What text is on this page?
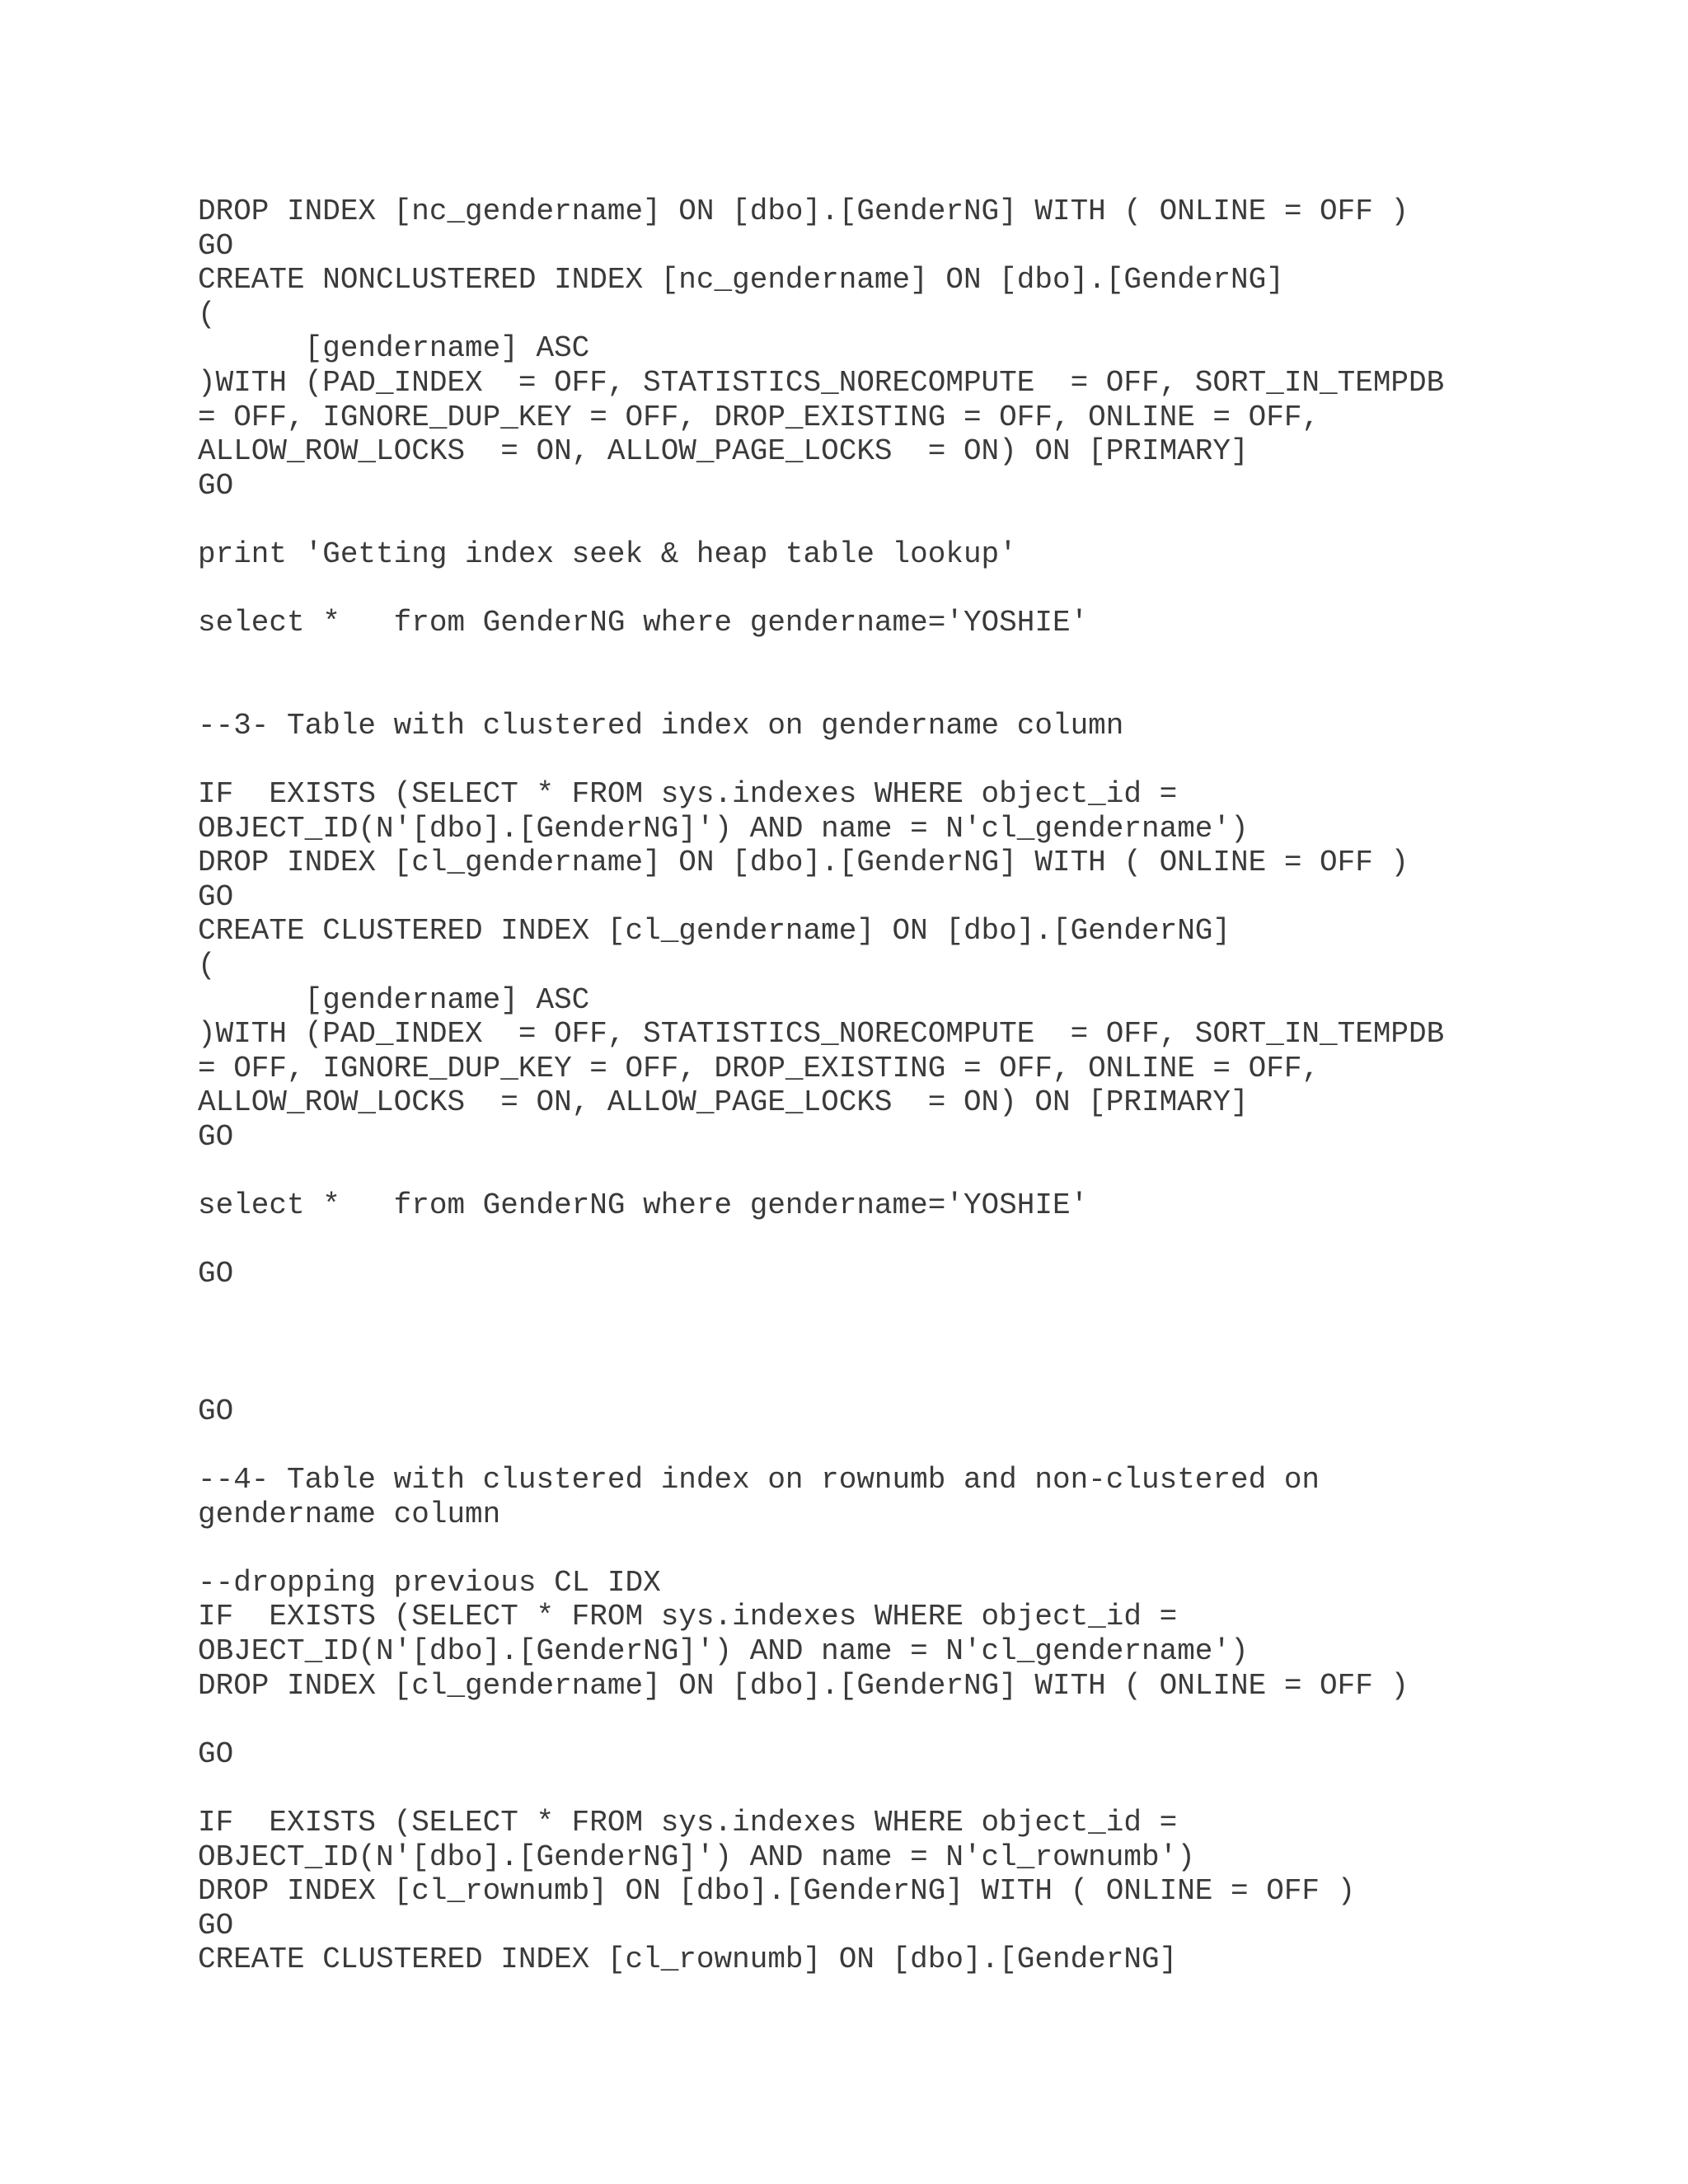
DROP INDEX [nc_gendername] ON [dbo].[GenderNG] WITH ( ONLINE = OFF )
GO
CREATE NONCLUSTERED INDEX [nc_gendername] ON [dbo].[GenderNG]
(
[gendername] ASC
)WITH (PAD_INDEX  = OFF, STATISTICS_NORECOMPUTE  = OFF, SORT_IN_TEMPDB
= OFF, IGNORE_DUP_KEY = OFF, DROP_EXISTING = OFF, ONLINE = OFF,
ALLOW_ROW_LOCKS  = ON, ALLOW_PAGE_LOCKS  = ON) ON [PRIMARY]
GO
print 'Getting index seek & heap table lookup'
select *   from GenderNG where gendername='YOSHIE'
--3- Table with clustered index on gendername column
IF  EXISTS (SELECT * FROM sys.indexes WHERE object_id =
OBJECT_ID(N'[dbo].[GenderNG]') AND name = N'cl_gendername')
DROP INDEX [cl_gendername] ON [dbo].[GenderNG] WITH ( ONLINE = OFF )
GO
CREATE CLUSTERED INDEX [cl_gendername] ON [dbo].[GenderNG]
(
[gendername] ASC
)WITH (PAD_INDEX  = OFF, STATISTICS_NORECOMPUTE  = OFF, SORT_IN_TEMPDB
= OFF, IGNORE_DUP_KEY = OFF, DROP_EXISTING = OFF, ONLINE = OFF,
ALLOW_ROW_LOCKS  = ON, ALLOW_PAGE_LOCKS  = ON) ON [PRIMARY]
GO
select *   from GenderNG where gendername='YOSHIE'
GO
GO
--4- Table with clustered index on rownumb and non-clustered on
gendername column
--dropping previous CL IDX
IF  EXISTS (SELECT * FROM sys.indexes WHERE object_id =
OBJECT_ID(N'[dbo].[GenderNG]') AND name = N'cl_gendername')
DROP INDEX [cl_gendername] ON [dbo].[GenderNG] WITH ( ONLINE = OFF )
GO
IF  EXISTS (SELECT * FROM sys.indexes WHERE object_id =
OBJECT_ID(N'[dbo].[GenderNG]') AND name = N'cl_rownumb')
DROP INDEX [cl_rownumb] ON [dbo].[GenderNG] WITH ( ONLINE = OFF )
GO
CREATE CLUSTERED INDEX [cl_rownumb] ON [dbo].[GenderNG]
